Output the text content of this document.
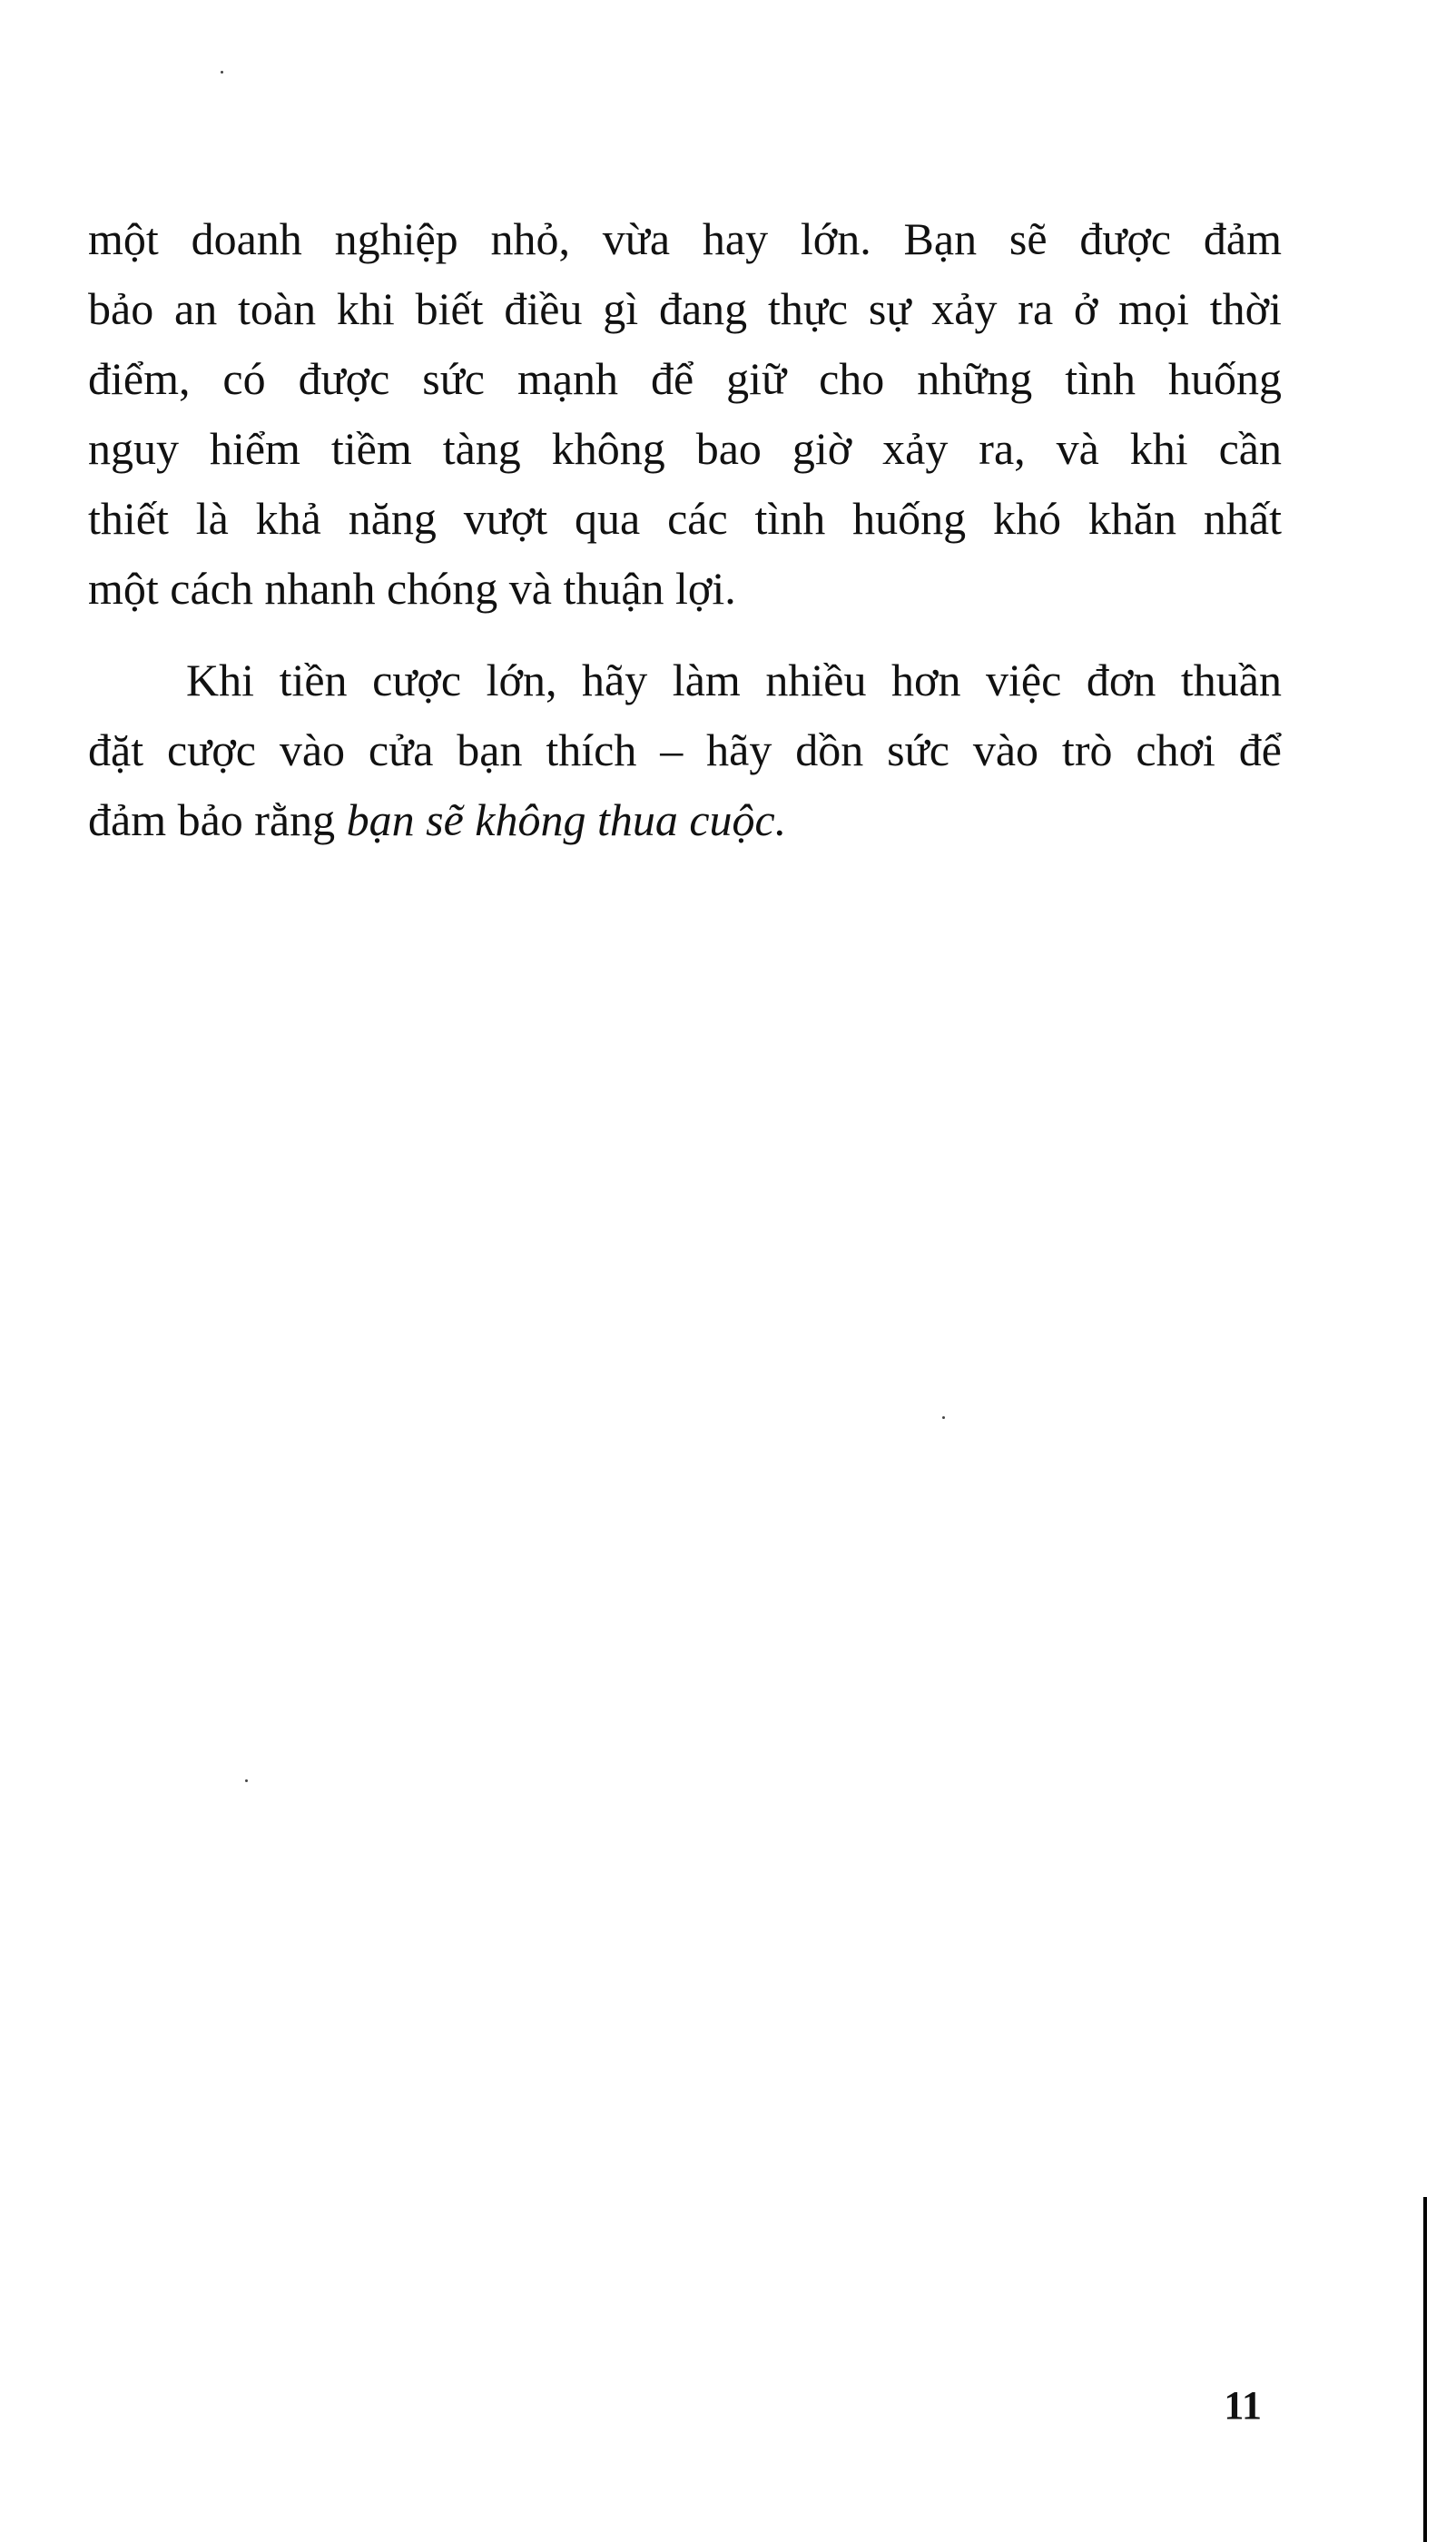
một doanh nghiệp nhỏ, vừa hay lớn. Bạn sẽ được đảm
bảo an toàn khi biết điều gì đang thực sự xảy ra ở mọi thời
điểm, có được sức mạnh để giữ cho những tình huống
nguy hiểm tiềm tàng không bao giờ xảy ra, và khi cần
thiết là khả năng vượt qua các tình huống khó khăn nhất
một cách nhanh chóng và thuận lợi.
Khi tiền cược lớn, hãy làm nhiều hơn việc đơn thuần
đặt cược vào cửa bạn thích – hãy dồn sức vào trò chơi để
đảm bảo rằng bạn sẽ không thua cuộc.
11
